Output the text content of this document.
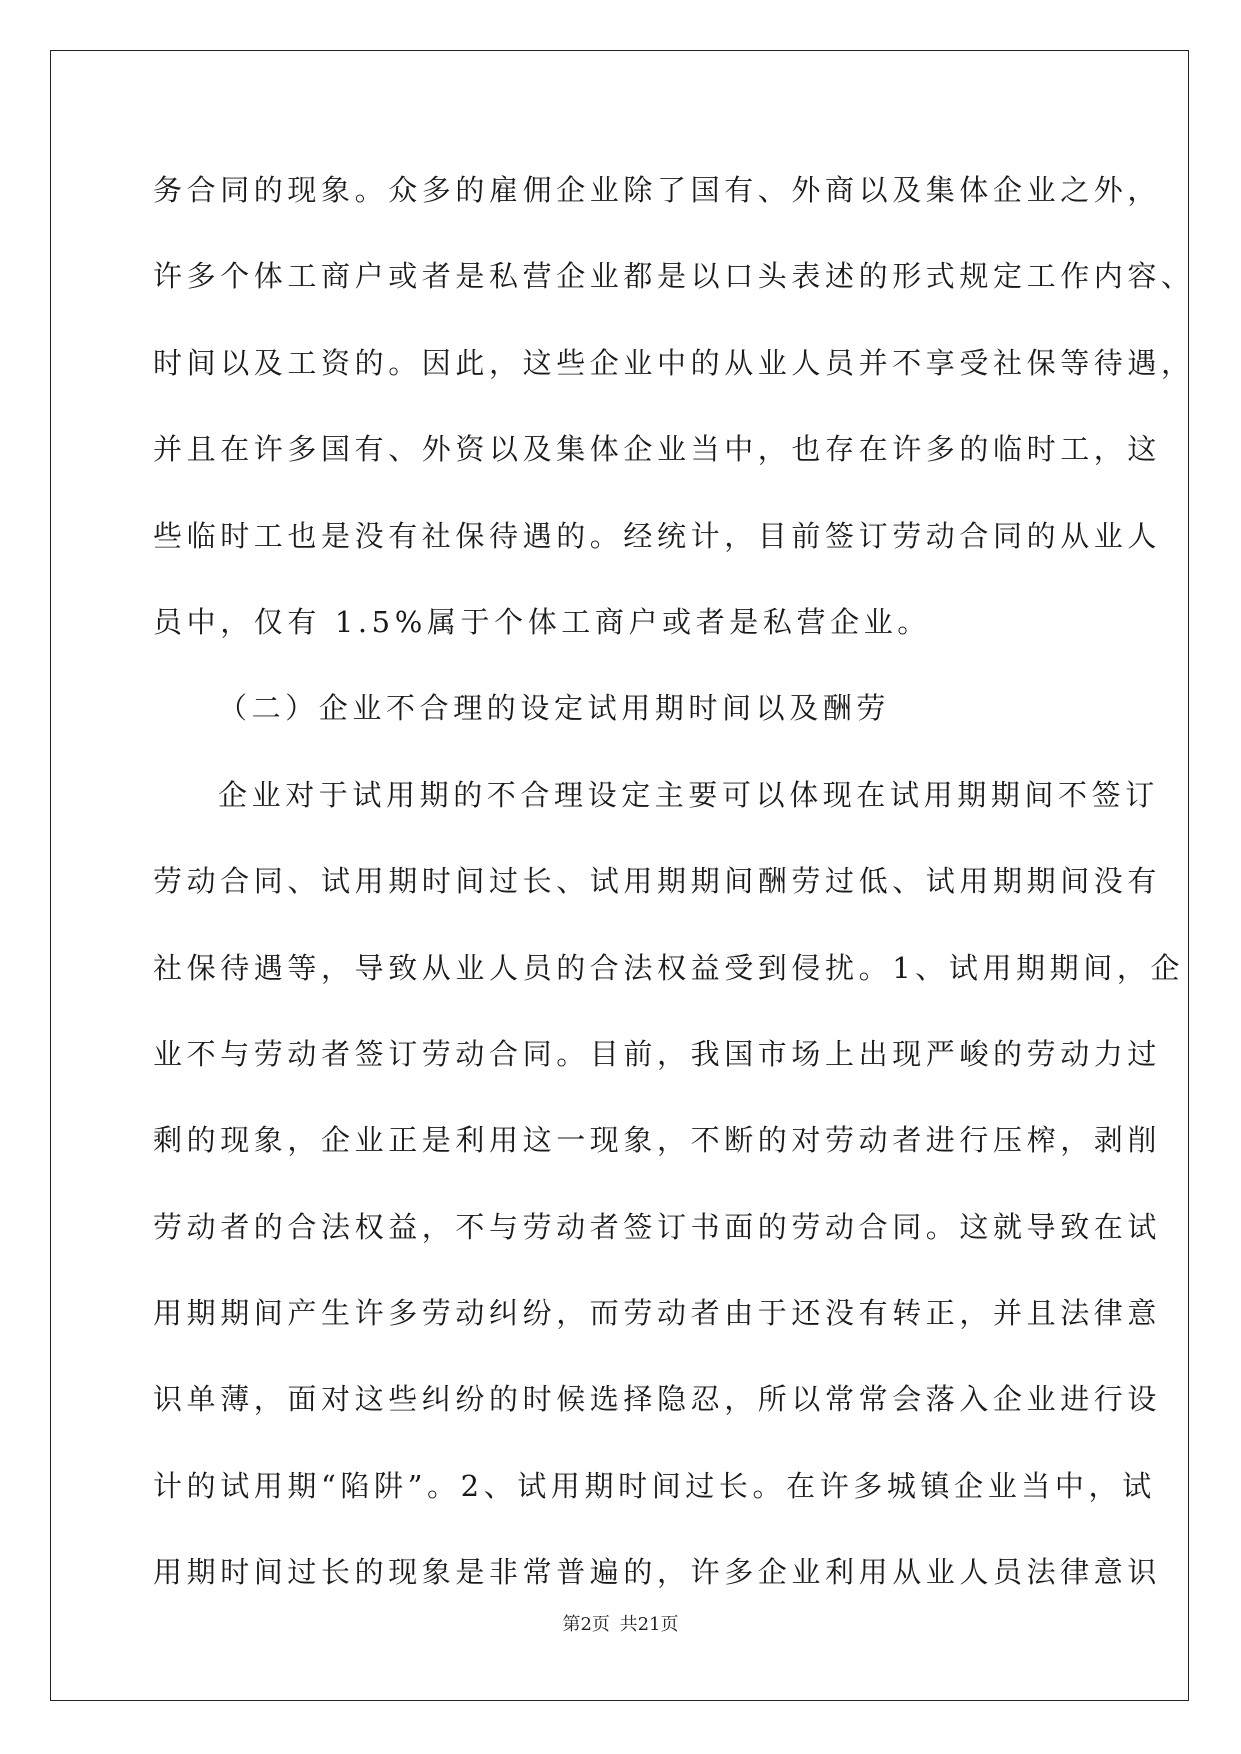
务合同的现象。众多的雇佣企业除了国有、外商以及集体企业之外，
许多个体工商户或者是私营企业都是以口头表述的形式规定工作内容、
时间以及工资的。因此，这些企业中的从业人员并不享受社保等待遇，
并且在许多国有、外资以及集体企业当中，也存在许多的临时工，这
些临时工也是没有社保待遇的。经统计，目前签订劳动合同的从业人
员中，仅有 1.5%属于个体工商户或者是私营企业。
（二）企业不合理的设定试用期时间以及酬劳
企业对于试用期的不合理设定主要可以体现在试用期期间不签订
劳动合同、试用期时间过长、试用期期间酬劳过低、试用期期间没有
社保待遇等，导致从业人员的合法权益受到侵扰。1、试用期期间，企
业不与劳动者签订劳动合同。目前，我国市场上出现严峻的劳动力过
剩的现象，企业正是利用这一现象，不断的对劳动者进行压榨，剥削
劳动者的合法权益，不与劳动者签订书面的劳动合同。这就导致在试
用期期间产生许多劳动纠纷，而劳动者由于还没有转正，并且法律意
识单薄，面对这些纠纷的时候选择隐忍，所以常常会落入企业进行设
计的试用期“陷阱”。2、试用期时间过长。在许多城镇企业当中，试
用期时间过长的现象是非常普遍的，许多企业利用从业人员法律意识
第2页 共21页
